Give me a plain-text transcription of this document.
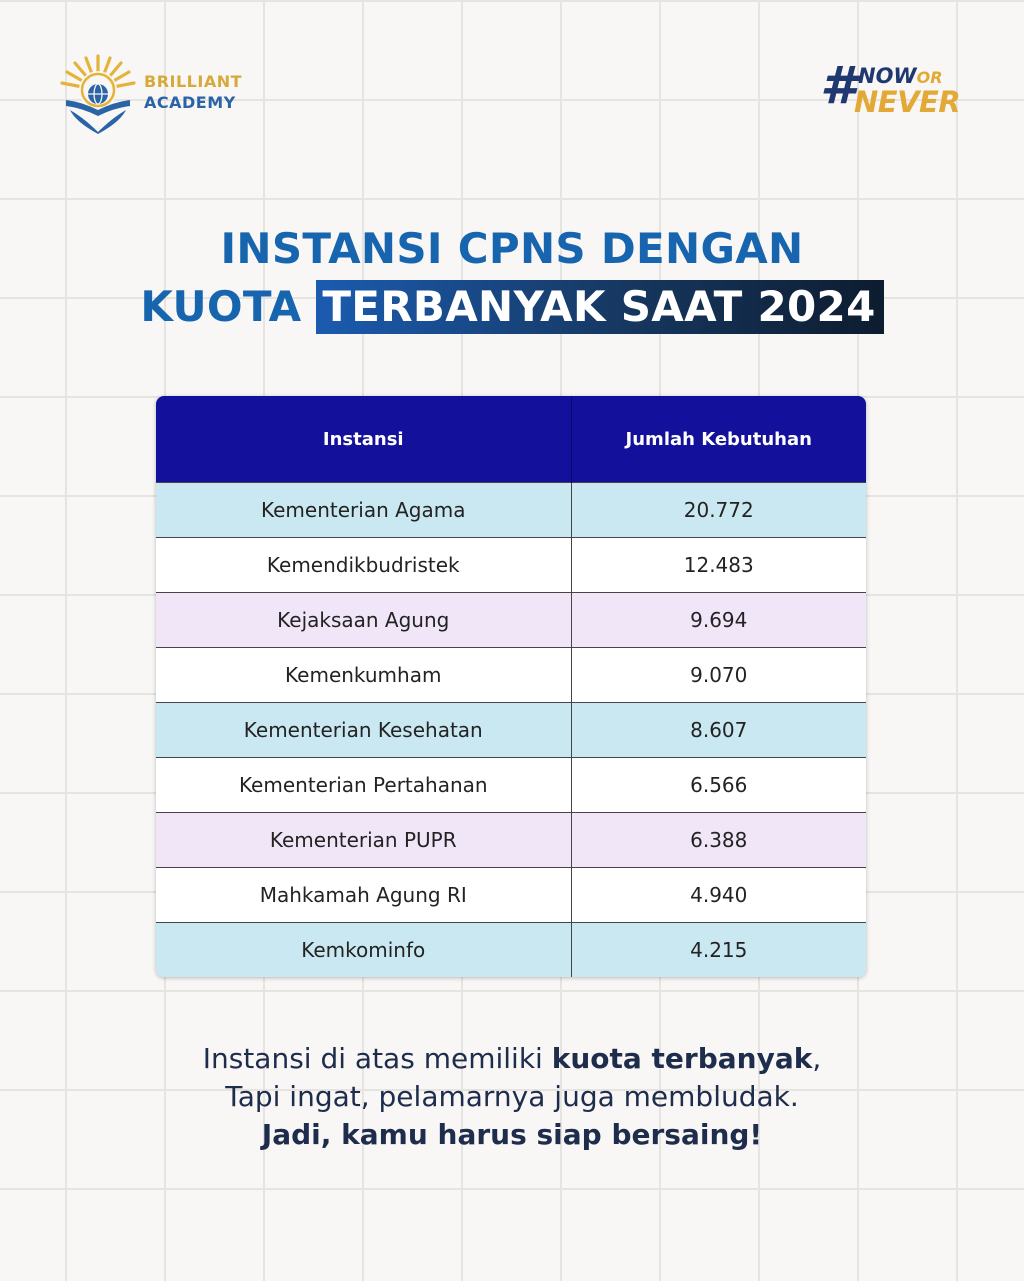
BRILLIANT
ACADEMY	# NOWOR
NEVER
INSTANSI CPNS DENGAN
KUOTA TERBANYAK SAAT 2024
Instansi	Jumlah Kebutuhan
Kementerian Agama	20.772
Kemendikbudristek	12.483
Kejaksaan Agung	9.694
Kemenkumham	9.070
Kementerian Kesehatan	8.607
Kementerian Pertahanan	6.566
Kementerian PUPR	6.388
Mahkamah Agung RI	4.940
Kemkominfo	4.215
Instansi di atas memiliki kuota terbanyak,
Tapi ingat, pelamarnya juga membludak.
Jadi, kamu harus siap bersaing!
